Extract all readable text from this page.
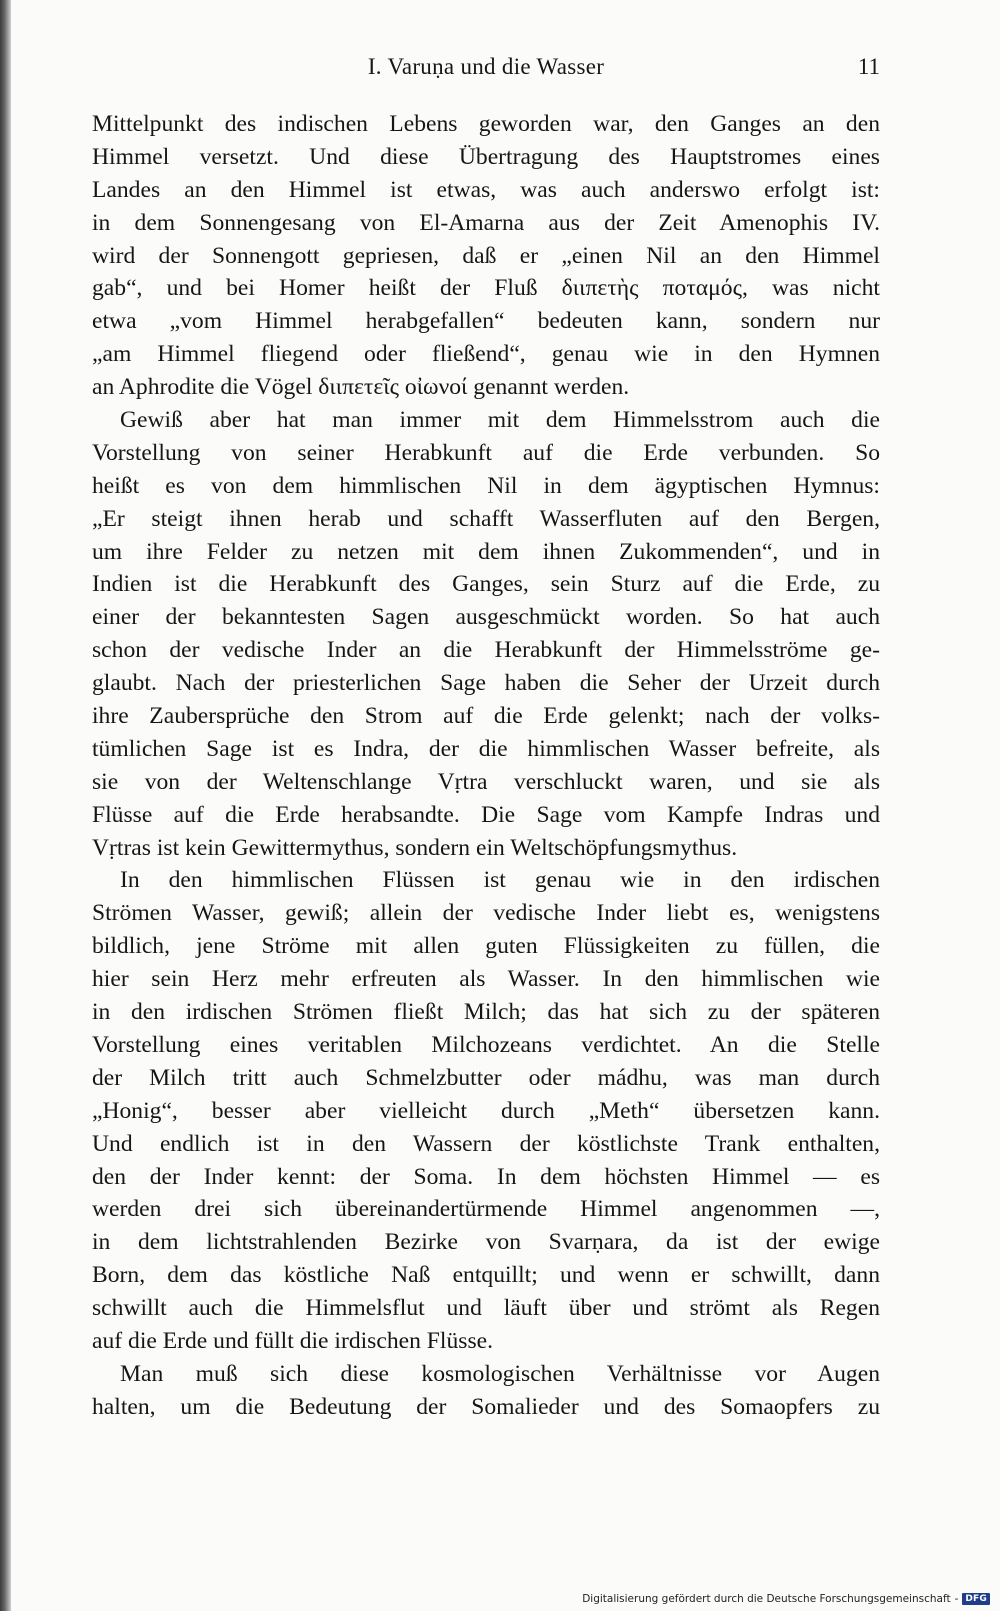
I. Varuṇa und die Wasser	11
Mittelpunkt des indischen Lebens geworden war, den Ganges an den
Himmel versetzt. Und diese Übertragung des Hauptstromes eines
Landes an den Himmel ist etwas, was auch anderswo erfolgt ist:
in dem Sonnengesang von El-Amarna aus der Zeit Amenophis IV.
wird der Sonnengott gepriesen, daß er „einen Nil an den Himmel
gab“, und bei Homer heißt der Fluß διιπετὴς ποταμός, was nicht
etwa „vom Himmel herabgefallen“ bedeuten kann, sondern nur
„am Himmel fliegend oder fließend“, genau wie in den Hymnen
an Aphrodite die Vögel διιπετεῖς οἰωνοί genannt werden.
Gewiß aber hat man immer mit dem Himmelsstrom auch die
Vorstellung von seiner Herabkunft auf die Erde verbunden. So
heißt es von dem himmlischen Nil in dem ägyptischen Hymnus:
„Er steigt ihnen herab und schafft Wasserfluten auf den Bergen,
um ihre Felder zu netzen mit dem ihnen Zukommenden“, und in
Indien ist die Herabkunft des Ganges, sein Sturz auf die Erde, zu
einer der bekanntesten Sagen ausgeschmückt worden. So hat auch
schon der vedische Inder an die Herabkunft der Himmelsströme ge-
glaubt. Nach der priesterlichen Sage haben die Seher der Urzeit durch
ihre Zaubersprüche den Strom auf die Erde gelenkt; nach der volks-
tümlichen Sage ist es Indra, der die himmlischen Wasser befreite, als
sie von der Weltenschlange Vṛtra verschluckt waren, und sie als
Flüsse auf die Erde herabsandte. Die Sage vom Kampfe Indras und
Vṛtras ist kein Gewittermythus, sondern ein Weltschöpfungsmythus.
In den himmlischen Flüssen ist genau wie in den irdischen
Strömen Wasser, gewiß; allein der vedische Inder liebt es, wenigstens
bildlich, jene Ströme mit allen guten Flüssigkeiten zu füllen, die
hier sein Herz mehr erfreuten als Wasser. In den himmlischen wie
in den irdischen Strömen fließt Milch; das hat sich zu der späteren
Vorstellung eines veritablen Milchozeans verdichtet. An die Stelle
der Milch tritt auch Schmelzbutter oder mádhu, was man durch
„Honig“, besser aber vielleicht durch „Meth“ übersetzen kann.
Und endlich ist in den Wassern der köstlichste Trank enthalten,
den der Inder kennt: der Soma. In dem höchsten Himmel — es
werden drei sich übereinandertürmende Himmel angenommen —,
in dem lichtstrahlenden Bezirke von Svarṇara, da ist der ewige
Born, dem das köstliche Naß entquillt; und wenn er schwillt, dann
schwillt auch die Himmelsflut und läuft über und strömt als Regen
auf die Erde und füllt die irdischen Flüsse.
Man muß sich diese kosmologischen Verhältnisse vor Augen
halten, um die Bedeutung der Somalieder und des Somaopfers zu
Digitalisierung gefördert durch die Deutsche Forschungsgemeinschaft - DFG
